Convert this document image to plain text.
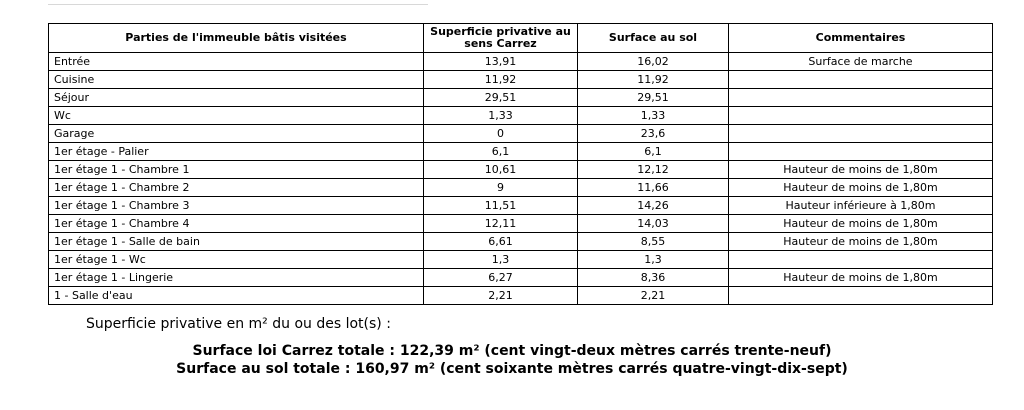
Parties de l'immeuble bâtis visitées	Superficie privative au sens Carrez	Surface au sol	Commentaires
Entrée	13,91	16,02	Surface de marche
Cuisine	11,92	11,92	
Séjour	29,51	29,51	
Wc	1,33	1,33	
Garage	0	23,6	
1er étage - Palier	6,1	6,1	
1er étage 1 - Chambre 1	10,61	12,12	Hauteur de moins de 1,80m
1er étage 1 - Chambre 2	9	11,66	Hauteur de moins de 1,80m
1er étage 1 - Chambre 3	11,51	14,26	Hauteur inférieure à 1,80m
1er étage 1 - Chambre 4	12,11	14,03	Hauteur de moins de 1,80m
1er étage 1 - Salle de bain	6,61	8,55	Hauteur de moins de 1,80m
1er étage 1 - Wc	1,3	1,3	
1er étage 1 - Lingerie	6,27	8,36	Hauteur de moins de 1,80m
1 - Salle d'eau	2,21	2,21	
Superficie privative en m² du ou des lot(s) :
Surface loi Carrez totale : 122,39 m² (cent vingt-deux mètres carrés trente-neuf)
Surface au sol totale : 160,97 m² (cent soixante mètres carrés quatre-vingt-dix-sept)
